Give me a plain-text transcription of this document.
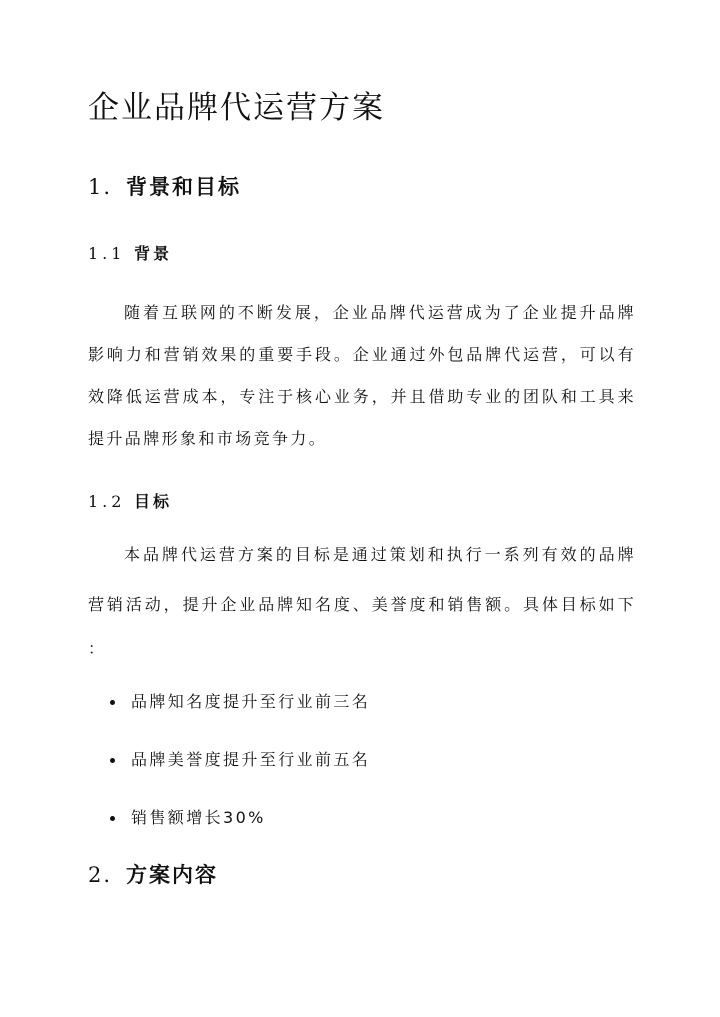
企业品牌代运营方案
1. 背景和目标
1.1 背景
随着互联网的不断发展，企业品牌代运营成为了企业提升品牌
影响力和营销效果的重要手段。企业通过外包品牌代运营，可以有
效降低运营成本，专注于核心业务，并且借助专业的团队和工具来
提升品牌形象和市场竞争力。
1.2 目标
本品牌代运营方案的目标是通过策划和执行一系列有效的品牌
营销活动，提升企业品牌知名度、美誉度和销售额。具体目标如下
：
品牌知名度提升至行业前三名
品牌美誉度提升至行业前五名
销售额增长30%
2. 方案内容
